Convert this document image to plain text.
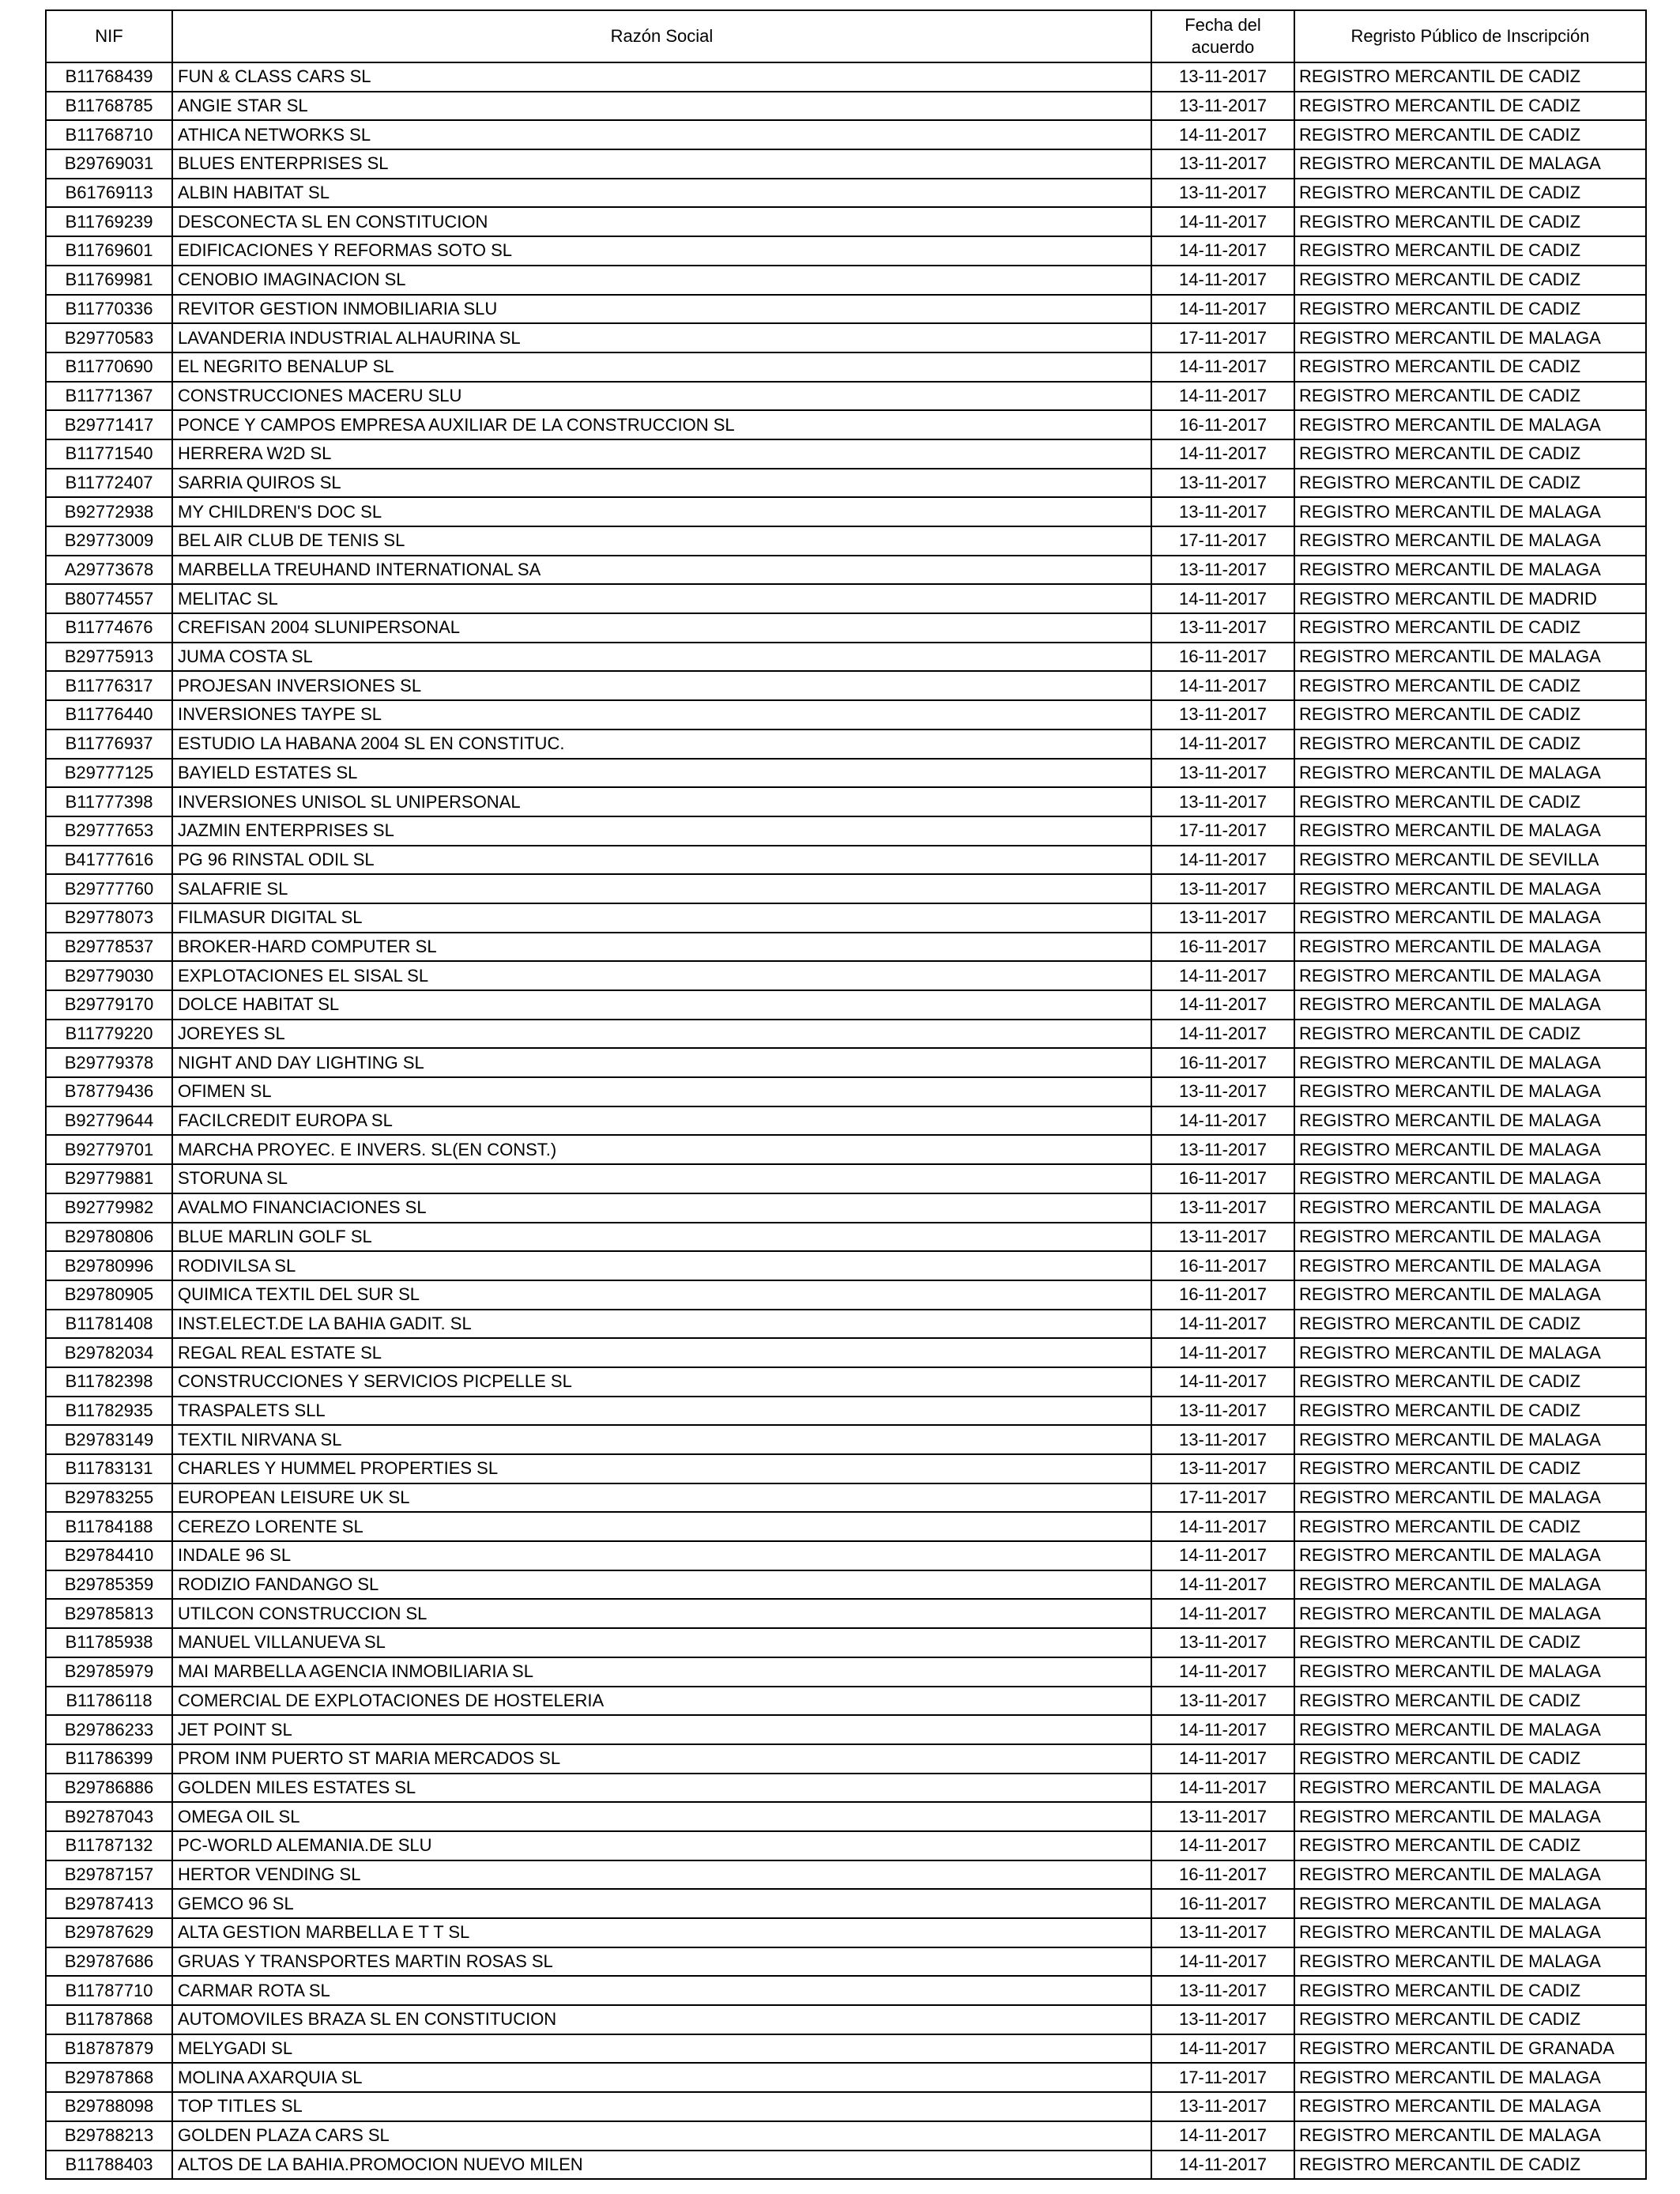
NIF	Razón Social	Fecha del acuerdo	Regristo Público de Inscripción
B11768439	FUN & CLASS CARS SL	13-11-2017	REGISTRO MERCANTIL DE CADIZ
B11768785	ANGIE STAR SL	13-11-2017	REGISTRO MERCANTIL DE CADIZ
B11768710	ATHICA NETWORKS SL	14-11-2017	REGISTRO MERCANTIL DE CADIZ
B29769031	BLUES ENTERPRISES SL	13-11-2017	REGISTRO MERCANTIL DE MALAGA
B61769113	ALBIN HABITAT SL	13-11-2017	REGISTRO MERCANTIL DE CADIZ
B11769239	DESCONECTA SL EN CONSTITUCION	14-11-2017	REGISTRO MERCANTIL DE CADIZ
B11769601	EDIFICACIONES Y REFORMAS SOTO SL	14-11-2017	REGISTRO MERCANTIL DE CADIZ
B11769981	CENOBIO IMAGINACION SL	14-11-2017	REGISTRO MERCANTIL DE CADIZ
B11770336	REVITOR GESTION INMOBILIARIA SLU	14-11-2017	REGISTRO MERCANTIL DE CADIZ
B29770583	LAVANDERIA INDUSTRIAL ALHAURINA SL	17-11-2017	REGISTRO MERCANTIL DE MALAGA
B11770690	EL NEGRITO BENALUP SL	14-11-2017	REGISTRO MERCANTIL DE CADIZ
B11771367	CONSTRUCCIONES MACERU SLU	14-11-2017	REGISTRO MERCANTIL DE CADIZ
B29771417	PONCE Y CAMPOS EMPRESA AUXILIAR DE LA CONSTRUCCION SL	16-11-2017	REGISTRO MERCANTIL DE MALAGA
B11771540	HERRERA W2D SL	14-11-2017	REGISTRO MERCANTIL DE CADIZ
B11772407	SARRIA QUIROS SL	13-11-2017	REGISTRO MERCANTIL DE CADIZ
B92772938	MY CHILDREN'S DOC SL	13-11-2017	REGISTRO MERCANTIL DE MALAGA
B29773009	BEL AIR CLUB DE TENIS SL	17-11-2017	REGISTRO MERCANTIL DE MALAGA
A29773678	MARBELLA TREUHAND INTERNATIONAL SA	13-11-2017	REGISTRO MERCANTIL DE MALAGA
B80774557	MELITAC SL	14-11-2017	REGISTRO MERCANTIL DE MADRID
B11774676	CREFISAN 2004 SLUNIPERSONAL	13-11-2017	REGISTRO MERCANTIL DE CADIZ
B29775913	JUMA COSTA SL	16-11-2017	REGISTRO MERCANTIL DE MALAGA
B11776317	PROJESAN INVERSIONES SL	14-11-2017	REGISTRO MERCANTIL DE CADIZ
B11776440	INVERSIONES TAYPE SL	13-11-2017	REGISTRO MERCANTIL DE CADIZ
B11776937	ESTUDIO LA HABANA 2004 SL EN CONSTITUC.	14-11-2017	REGISTRO MERCANTIL DE CADIZ
B29777125	BAYIELD ESTATES SL	13-11-2017	REGISTRO MERCANTIL DE MALAGA
B11777398	INVERSIONES UNISOL SL UNIPERSONAL	13-11-2017	REGISTRO MERCANTIL DE CADIZ
B29777653	JAZMIN ENTERPRISES SL	17-11-2017	REGISTRO MERCANTIL DE MALAGA
B41777616	PG 96 RINSTAL ODIL SL	14-11-2017	REGISTRO MERCANTIL DE SEVILLA
B29777760	SALAFRIE SL	13-11-2017	REGISTRO MERCANTIL DE MALAGA
B29778073	FILMASUR DIGITAL SL	13-11-2017	REGISTRO MERCANTIL DE MALAGA
B29778537	BROKER-HARD COMPUTER SL	16-11-2017	REGISTRO MERCANTIL DE MALAGA
B29779030	EXPLOTACIONES EL SISAL SL	14-11-2017	REGISTRO MERCANTIL DE MALAGA
B29779170	DOLCE HABITAT SL	14-11-2017	REGISTRO MERCANTIL DE MALAGA
B11779220	JOREYES SL	14-11-2017	REGISTRO MERCANTIL DE CADIZ
B29779378	NIGHT AND DAY LIGHTING SL	16-11-2017	REGISTRO MERCANTIL DE MALAGA
B78779436	OFIMEN SL	13-11-2017	REGISTRO MERCANTIL DE MALAGA
B92779644	FACILCREDIT EUROPA SL	14-11-2017	REGISTRO MERCANTIL DE MALAGA
B92779701	MARCHA PROYEC. E INVERS. SL(EN CONST.)	13-11-2017	REGISTRO MERCANTIL DE MALAGA
B29779881	STORUNA SL	16-11-2017	REGISTRO MERCANTIL DE MALAGA
B92779982	AVALMO FINANCIACIONES SL	13-11-2017	REGISTRO MERCANTIL DE MALAGA
B29780806	BLUE MARLIN GOLF SL	13-11-2017	REGISTRO MERCANTIL DE MALAGA
B29780996	RODIVILSA SL	16-11-2017	REGISTRO MERCANTIL DE MALAGA
B29780905	QUIMICA TEXTIL DEL SUR SL	16-11-2017	REGISTRO MERCANTIL DE MALAGA
B11781408	INST.ELECT.DE LA BAHIA GADIT. SL	14-11-2017	REGISTRO MERCANTIL DE CADIZ
B29782034	REGAL REAL ESTATE SL	14-11-2017	REGISTRO MERCANTIL DE MALAGA
B11782398	CONSTRUCCIONES Y SERVICIOS PICPELLE SL	14-11-2017	REGISTRO MERCANTIL DE CADIZ
B11782935	TRASPALETS SLL	13-11-2017	REGISTRO MERCANTIL DE CADIZ
B29783149	TEXTIL NIRVANA SL	13-11-2017	REGISTRO MERCANTIL DE MALAGA
B11783131	CHARLES Y HUMMEL PROPERTIES SL	13-11-2017	REGISTRO MERCANTIL DE CADIZ
B29783255	EUROPEAN LEISURE UK SL	17-11-2017	REGISTRO MERCANTIL DE MALAGA
B11784188	CEREZO LORENTE SL	14-11-2017	REGISTRO MERCANTIL DE CADIZ
B29784410	INDALE 96 SL	14-11-2017	REGISTRO MERCANTIL DE MALAGA
B29785359	RODIZIO FANDANGO SL	14-11-2017	REGISTRO MERCANTIL DE MALAGA
B29785813	UTILCON CONSTRUCCION SL	14-11-2017	REGISTRO MERCANTIL DE MALAGA
B11785938	MANUEL VILLANUEVA SL	13-11-2017	REGISTRO MERCANTIL DE CADIZ
B29785979	MAI MARBELLA AGENCIA INMOBILIARIA SL	14-11-2017	REGISTRO MERCANTIL DE MALAGA
B11786118	COMERCIAL DE EXPLOTACIONES DE HOSTELERIA	13-11-2017	REGISTRO MERCANTIL DE CADIZ
B29786233	JET POINT SL	14-11-2017	REGISTRO MERCANTIL DE MALAGA
B11786399	PROM INM PUERTO ST MARIA MERCADOS SL	14-11-2017	REGISTRO MERCANTIL DE CADIZ
B29786886	GOLDEN MILES ESTATES SL	14-11-2017	REGISTRO MERCANTIL DE MALAGA
B92787043	OMEGA OIL SL	13-11-2017	REGISTRO MERCANTIL DE MALAGA
B11787132	PC-WORLD ALEMANIA.DE SLU	14-11-2017	REGISTRO MERCANTIL DE CADIZ
B29787157	HERTOR VENDING SL	16-11-2017	REGISTRO MERCANTIL DE MALAGA
B29787413	GEMCO 96 SL	16-11-2017	REGISTRO MERCANTIL DE MALAGA
B29787629	ALTA GESTION MARBELLA E T T SL	13-11-2017	REGISTRO MERCANTIL DE MALAGA
B29787686	GRUAS Y TRANSPORTES MARTIN ROSAS SL	14-11-2017	REGISTRO MERCANTIL DE MALAGA
B11787710	CARMAR ROTA SL	13-11-2017	REGISTRO MERCANTIL DE CADIZ
B11787868	AUTOMOVILES BRAZA SL EN CONSTITUCION	13-11-2017	REGISTRO MERCANTIL DE CADIZ
B18787879	MELYGADI SL	14-11-2017	REGISTRO MERCANTIL DE GRANADA
B29787868	MOLINA AXARQUIA SL	17-11-2017	REGISTRO MERCANTIL DE MALAGA
B29788098	TOP TITLES SL	13-11-2017	REGISTRO MERCANTIL DE MALAGA
B29788213	GOLDEN PLAZA CARS SL	14-11-2017	REGISTRO MERCANTIL DE MALAGA
B11788403	ALTOS DE LA BAHIA.PROMOCION NUEVO MILEN	14-11-2017	REGISTRO MERCANTIL DE CADIZ
